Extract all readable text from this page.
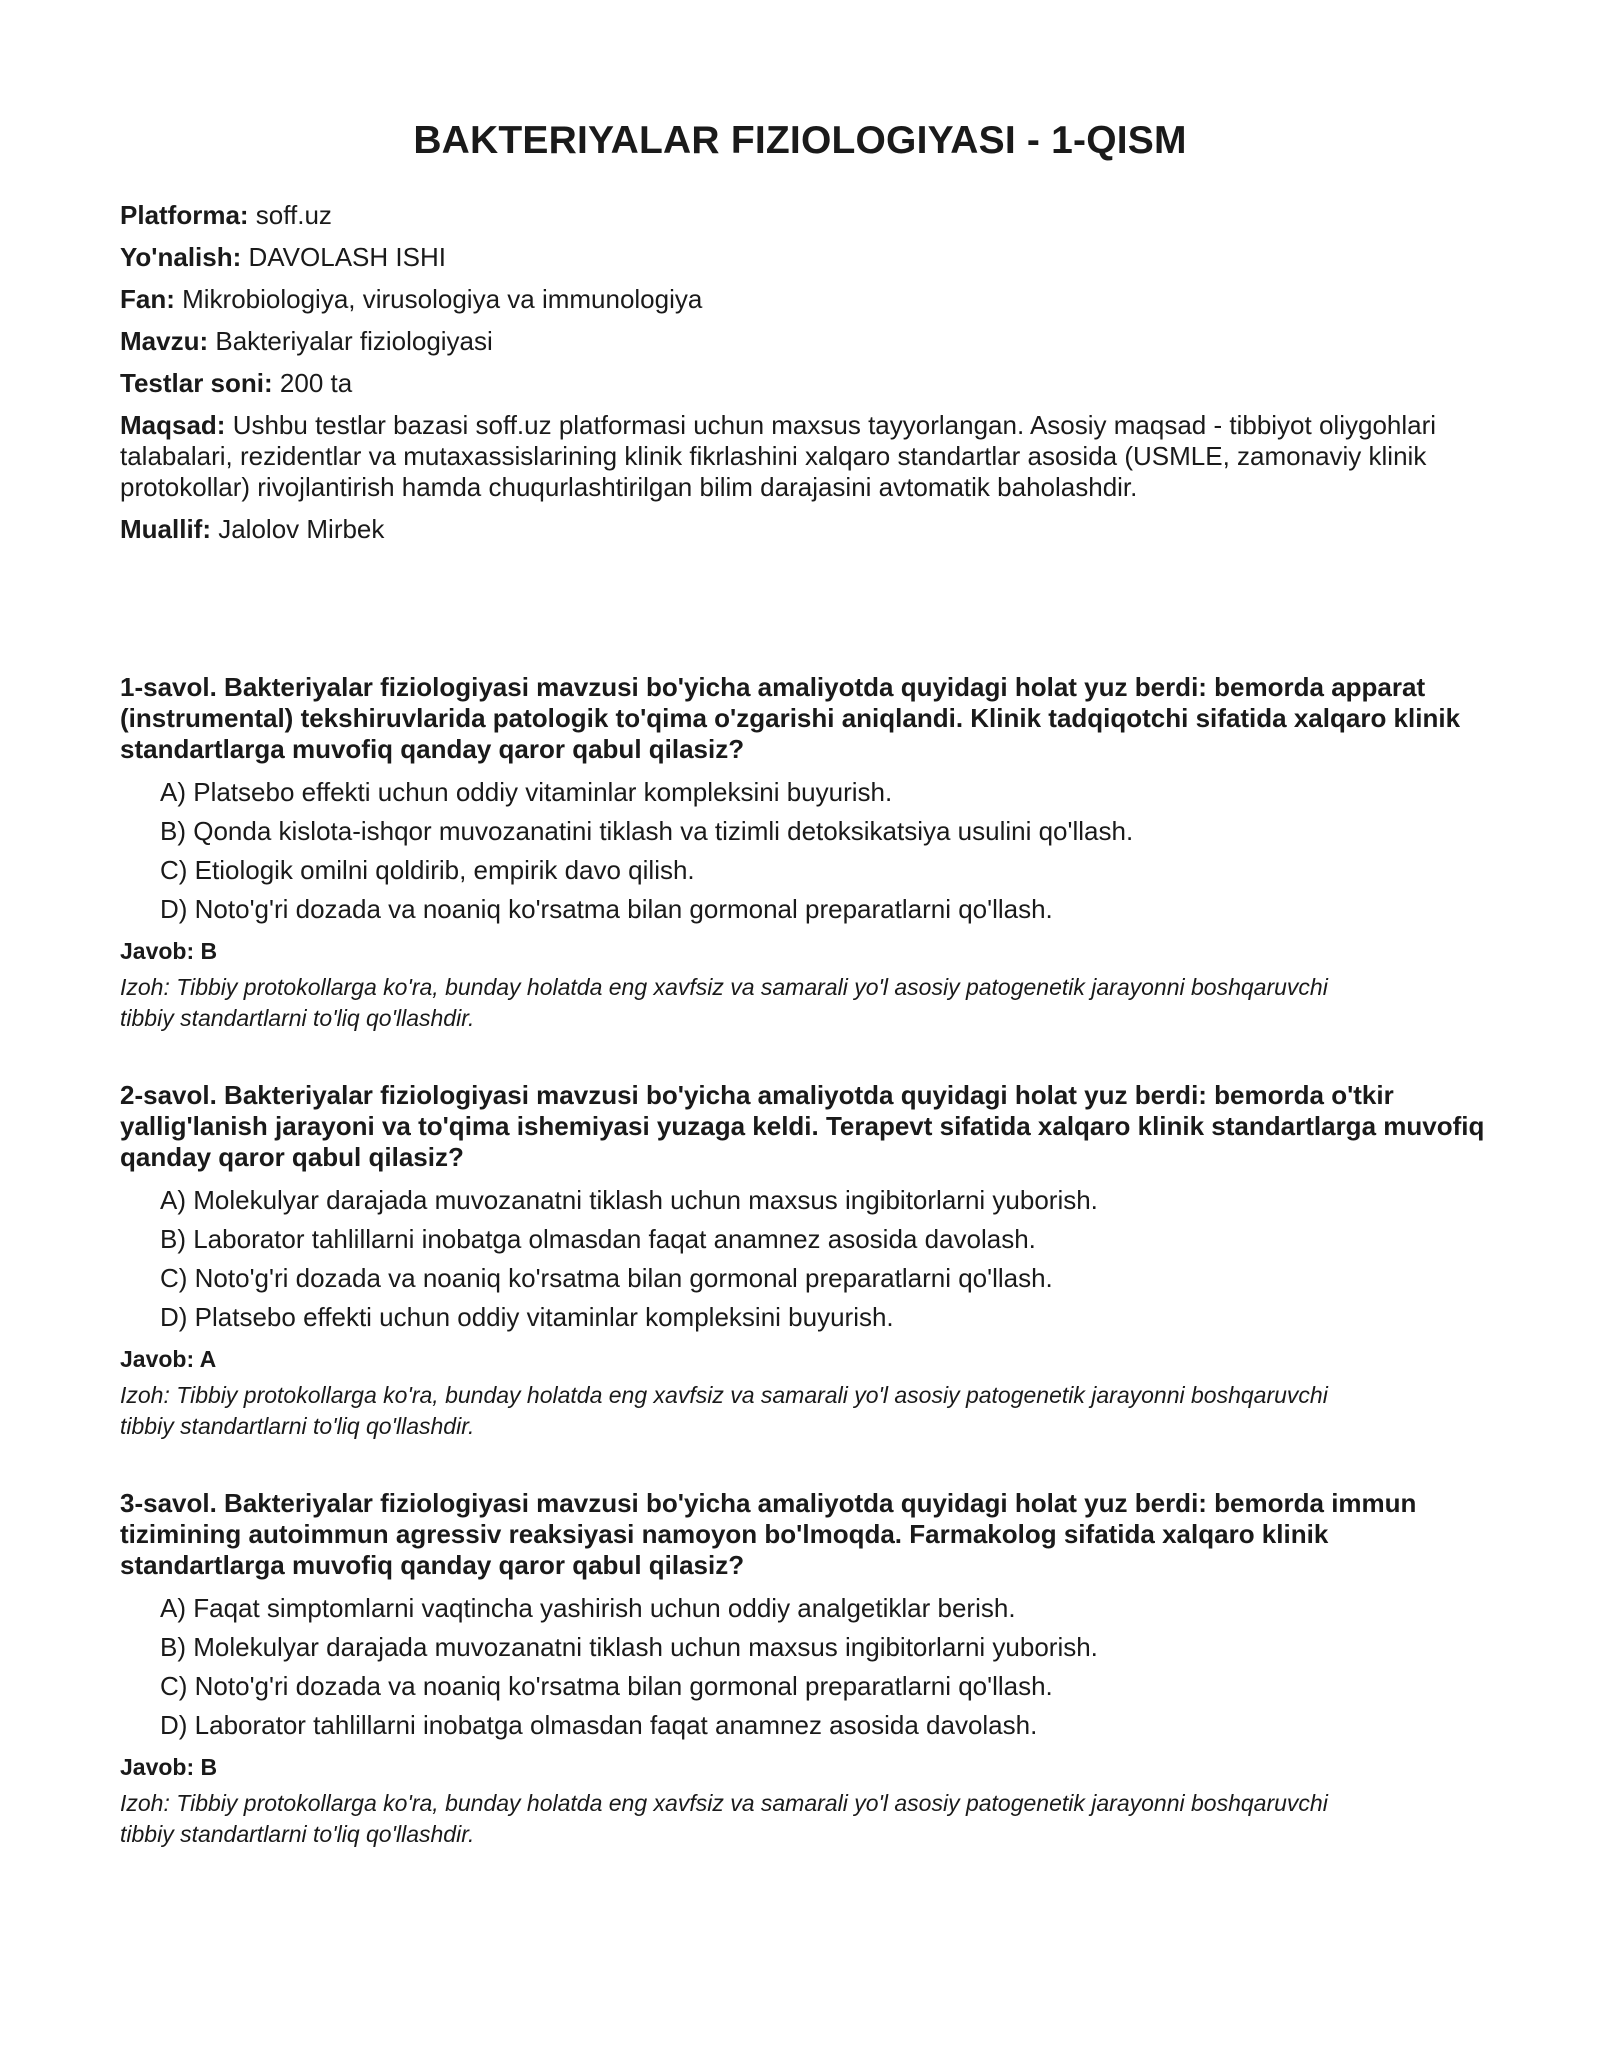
BAKTERIYALAR FIZIOLOGIYASI - 1-QISM
Platforma: soff.uz
Yo'nalish: DAVOLASH ISHI
Fan: Mikrobiologiya, virusologiya va immunologiya
Mavzu: Bakteriyalar fiziologiyasi
Testlar soni: 200 ta
Maqsad: Ushbu testlar bazasi soff.uz platformasi uchun maxsus tayyorlangan. Asosiy maqsad - tibbiyot oliygohlari talabalari, rezidentlar va mutaxassislarining klinik fikrlashini xalqaro standartlar asosida (USMLE, zamonaviy klinik protokollar) rivojlantirish hamda chuqurlashtirilgan bilim darajasini avtomatik baholashdir.
Muallif: Jalolov Mirbek
1-savol. Bakteriyalar fiziologiyasi mavzusi bo'yicha amaliyotda quyidagi holat yuz berdi: bemorda apparat (instrumental) tekshiruvlarida patologik to'qima o'zgarishi aniqlandi. Klinik tadqiqotchi sifatida xalqaro klinik standartlarga muvofiq qanday qaror qabul qilasiz?
A) Platsebo effekti uchun oddiy vitaminlar kompleksini buyurish.
B) Qonda kislota-ishqor muvozanatini tiklash va tizimli detoksikatsiya usulini qo'llash.
C) Etiologik omilni qoldirib, empirik davo qilish.
D) Noto'g'ri dozada va noaniq ko'rsatma bilan gormonal preparatlarni qo'llash.
Javob: B
Izoh: Tibbiy protokollarga ko'ra, bunday holatda eng xavfsiz va samarali yo'l asosiy patogenetik jarayonni boshqaruvchi tibbiy standartlarni to'liq qo'llashdir.
2-savol. Bakteriyalar fiziologiyasi mavzusi bo'yicha amaliyotda quyidagi holat yuz berdi: bemorda o'tkir yallig'lanish jarayoni va to'qima ishemiyasi yuzaga keldi. Terapevt sifatida xalqaro klinik standartlarga muvofiq qanday qaror qabul qilasiz?
A) Molekulyar darajada muvozanatni tiklash uchun maxsus ingibitorlarni yuborish.
B) Laborator tahlillarni inobatga olmasdan faqat anamnez asosida davolash.
C) Noto'g'ri dozada va noaniq ko'rsatma bilan gormonal preparatlarni qo'llash.
D) Platsebo effekti uchun oddiy vitaminlar kompleksini buyurish.
Javob: A
Izoh: Tibbiy protokollarga ko'ra, bunday holatda eng xavfsiz va samarali yo'l asosiy patogenetik jarayonni boshqaruvchi tibbiy standartlarni to'liq qo'llashdir.
3-savol. Bakteriyalar fiziologiyasi mavzusi bo'yicha amaliyotda quyidagi holat yuz berdi: bemorda immun tizimining autoimmun agressiv reaksiyasi namoyon bo'lmoqda. Farmakolog sifatida xalqaro klinik standartlarga muvofiq qanday qaror qabul qilasiz?
A) Faqat simptomlarni vaqtincha yashirish uchun oddiy analgetiklar berish.
B) Molekulyar darajada muvozanatni tiklash uchun maxsus ingibitorlarni yuborish.
C) Noto'g'ri dozada va noaniq ko'rsatma bilan gormonal preparatlarni qo'llash.
D) Laborator tahlillarni inobatga olmasdan faqat anamnez asosida davolash.
Javob: B
Izoh: Tibbiy protokollarga ko'ra, bunday holatda eng xavfsiz va samarali yo'l asosiy patogenetik jarayonni boshqaruvchi tibbiy standartlarni to'liq qo'llashdir.
